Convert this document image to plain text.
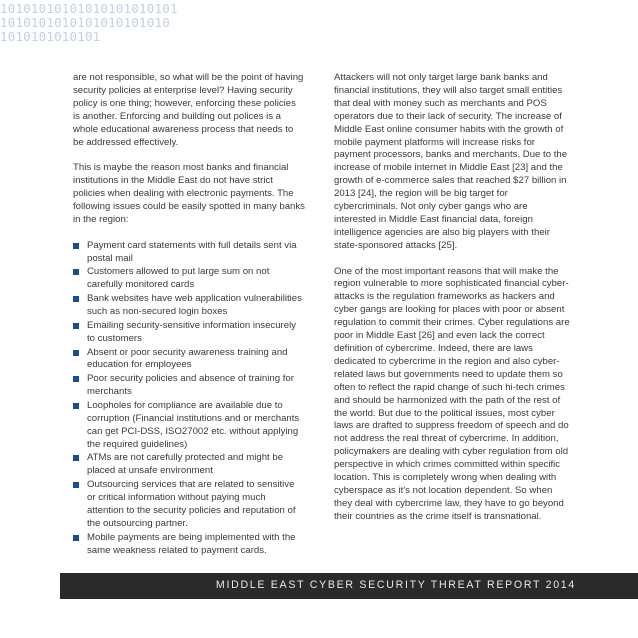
10101010101010101010101
1010101010101010101010
1010101010101

are not responsible, so what will be the point of having security policies at enterprise level? Having security policy is one thing; however, enforcing these policies is another. Enforcing and building out polices is a whole educational awareness process that needs to be addressed effectively.

This is maybe the reason most banks and financial institutions in the Middle East do not have strict policies when dealing with electronic payments. The following issues could be easily spotted in many banks in the region:

Payment card statements with full details sent via postal mail
Customers allowed to put large sum on not carefully monitored cards
Bank websites have web application vulnerabilities such as non-secured login boxes
Emailing security-sensitive information insecurely to customers
Absent or poor security awareness training and education for employees
Poor security policies and absence of training for merchants
Loopholes for compliance are available due to corruption (Financial institutions and or merchants can get PCI-DSS, ISO27002 etc. without applying the required guidelines)
ATMs are not carefully protected and might be placed at unsafe environment
Outsourcing services that are related to sensitive or critical information without paying much attention to the security policies and reputation of the outsourcing partner.
Mobile payments are being implemented with the same weakness related to payment cards.

Attackers will not only target large bank banks and financial institutions, they will also target small entities that deal with money such as merchants and POS operators due to their lack of security. The increase of Middle East online consumer habits with the growth of mobile payment platforms will increase risks for payment processors, banks and merchants. Due to the increase of mobile internet in Middle East [23] and the growth of e-commerce sales that reached $27 billion in 2013 [24], the region will be big target for cybercriminals. Not only cyber gangs who are interested in Middle East financial data, foreign intelligence agencies are also big players with their state-sponsored attacks [25].

One of the most important reasons that will make the region vulnerable to more sophisticated financial cyber-attacks is the regulation frameworks as hackers and cyber gangs are looking for places with poor or absent regulation to commit their crimes. Cyber regulations are poor in Middle East [26] and even lack the correct definition of cybercrime. Indeed, there are laws dedicated to cybercrime in the region and also cyber-related laws but governments need to update them so often to reflect the rapid change of such hi-tech crimes and should be harmonized with the path of the rest of the world. But due to the political issues, most cyber laws are drafted to suppress freedom of speech and do not address the real threat of cybercrime. In addition, policymakers are dealing with cyber regulation from old perspective in which crimes committed within specific location. This is completely wrong when dealing with cyberspace as it's not location dependent. So when they deal with cybercrime law, they have to go beyond their countries as the crime itself is transnational.

MIDDLE EAST CYBER SECURITY THREAT REPORT 2014
